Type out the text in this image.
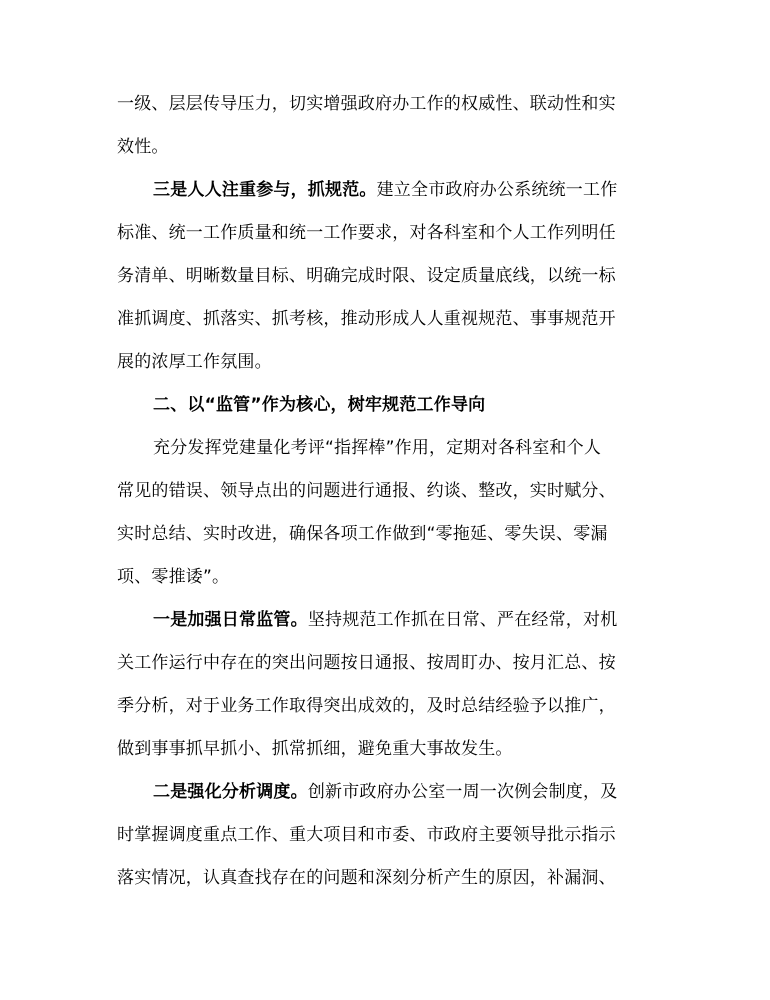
一级、层层传导压力，切实增强政府办工作的权威性、联动性和实
效性。
三是人人注重参与，抓规范。建立全市政府办公系统统一工作
标准、统一工作质量和统一工作要求，对各科室和个人工作列明任
务清单、明晰数量目标、明确完成时限、设定质量底线，以统一标
准抓调度、抓落实、抓考核，推动形成人人重视规范、事事规范开
展的浓厚工作氛围。
二、以“监管”作为核心，树牢规范工作导向
充分发挥党建量化考评“指挥棒”作用，定期对各科室和个人
常见的错误、领导点出的问题进行通报、约谈、整改，实时赋分、
实时总结、实时改进，确保各项工作做到“零拖延、零失误、零漏
项、零推诿”。
一是加强日常监管。坚持规范工作抓在日常、严在经常，对机
关工作运行中存在的突出问题按日通报、按周盯办、按月汇总、按
季分析，对于业务工作取得突出成效的，及时总结经验予以推广，
做到事事抓早抓小、抓常抓细，避免重大事故发生。
二是强化分析调度。创新市政府办公室一周一次例会制度，及
时掌握调度重点工作、重大项目和市委、市政府主要领导批示指示
落实情况，认真查找存在的问题和深刻分析产生的原因，补漏洞、
